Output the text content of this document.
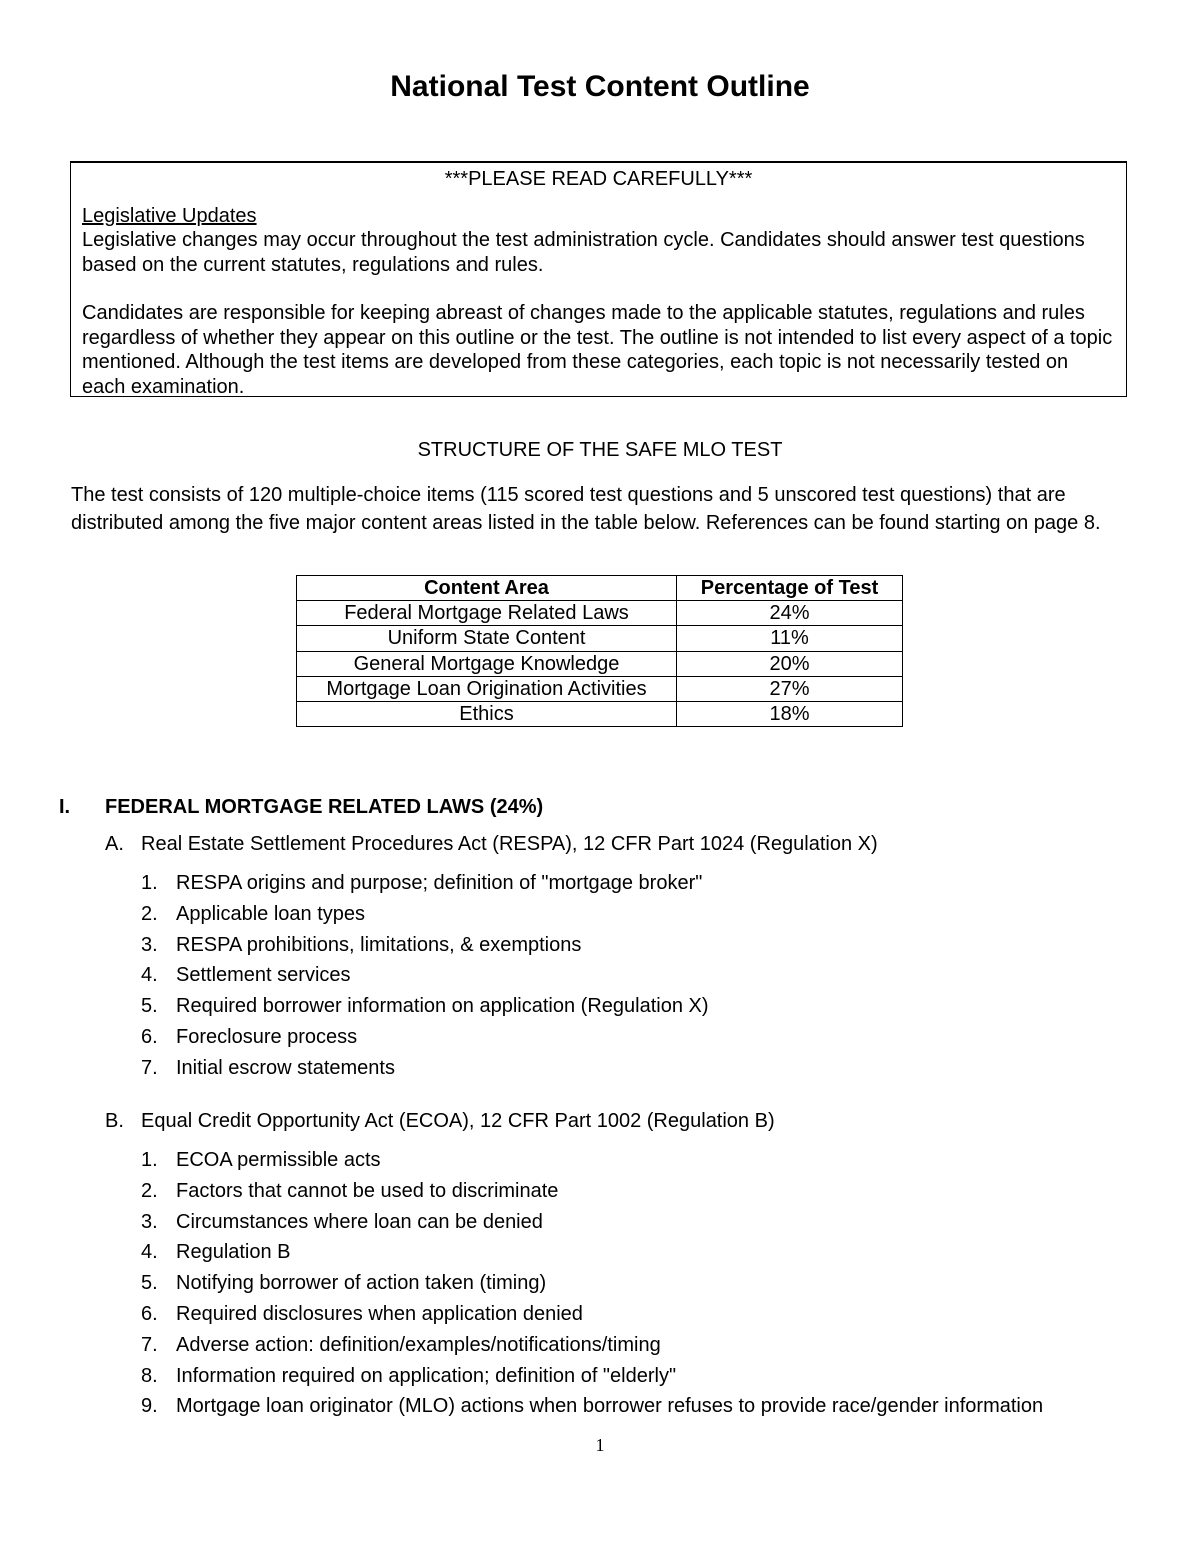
National Test Content Outline
***PLEASE READ CAREFULLY***
Legislative Updates

Legislative changes may occur throughout the test administration cycle. Candidates should answer test questions based on the current statutes, regulations and rules.

Candidates are responsible for keeping abreast of changes made to the applicable statutes, regulations and rules regardless of whether they appear on this outline or the test. The outline is not intended to list every aspect of a topic mentioned. Although the test items are developed from these categories, each topic is not necessarily tested on each examination.

STRUCTURE OF THE SAFE MLO TEST
The test consists of 120 multiple-choice items (115 scored test questions and 5 unscored test questions) that are distributed among the five major content areas listed in the table below. References can be found starting on page 8.
Content Area	Percentage of Test
Federal Mortgage Related Laws	24%
Uniform State Content	11%
General Mortgage Knowledge	20%
Mortgage Loan Origination Activities	27%
Ethics	18%
I. FEDERAL MORTGAGE RELATED LAWS (24%)
A. Real Estate Settlement Procedures Act (RESPA), 12 CFR Part 1024 (Regulation X)
1. RESPA origins and purpose; definition of "mortgage broker"
2. Applicable loan types
3. RESPA prohibitions, limitations, & exemptions
4. Settlement services
5. Required borrower information on application (Regulation X)
6. Foreclosure process
7. Initial escrow statements
B. Equal Credit Opportunity Act (ECOA), 12 CFR Part 1002 (Regulation B)
1. ECOA permissible acts
2. Factors that cannot be used to discriminate
3. Circumstances where loan can be denied
4. Regulation B
5. Notifying borrower of action taken (timing)
6. Required disclosures when application denied
7. Adverse action: definition/examples/notifications/timing
8. Information required on application; definition of "elderly"
9. Mortgage loan originator (MLO) actions when borrower refuses to provide race/gender information
1
